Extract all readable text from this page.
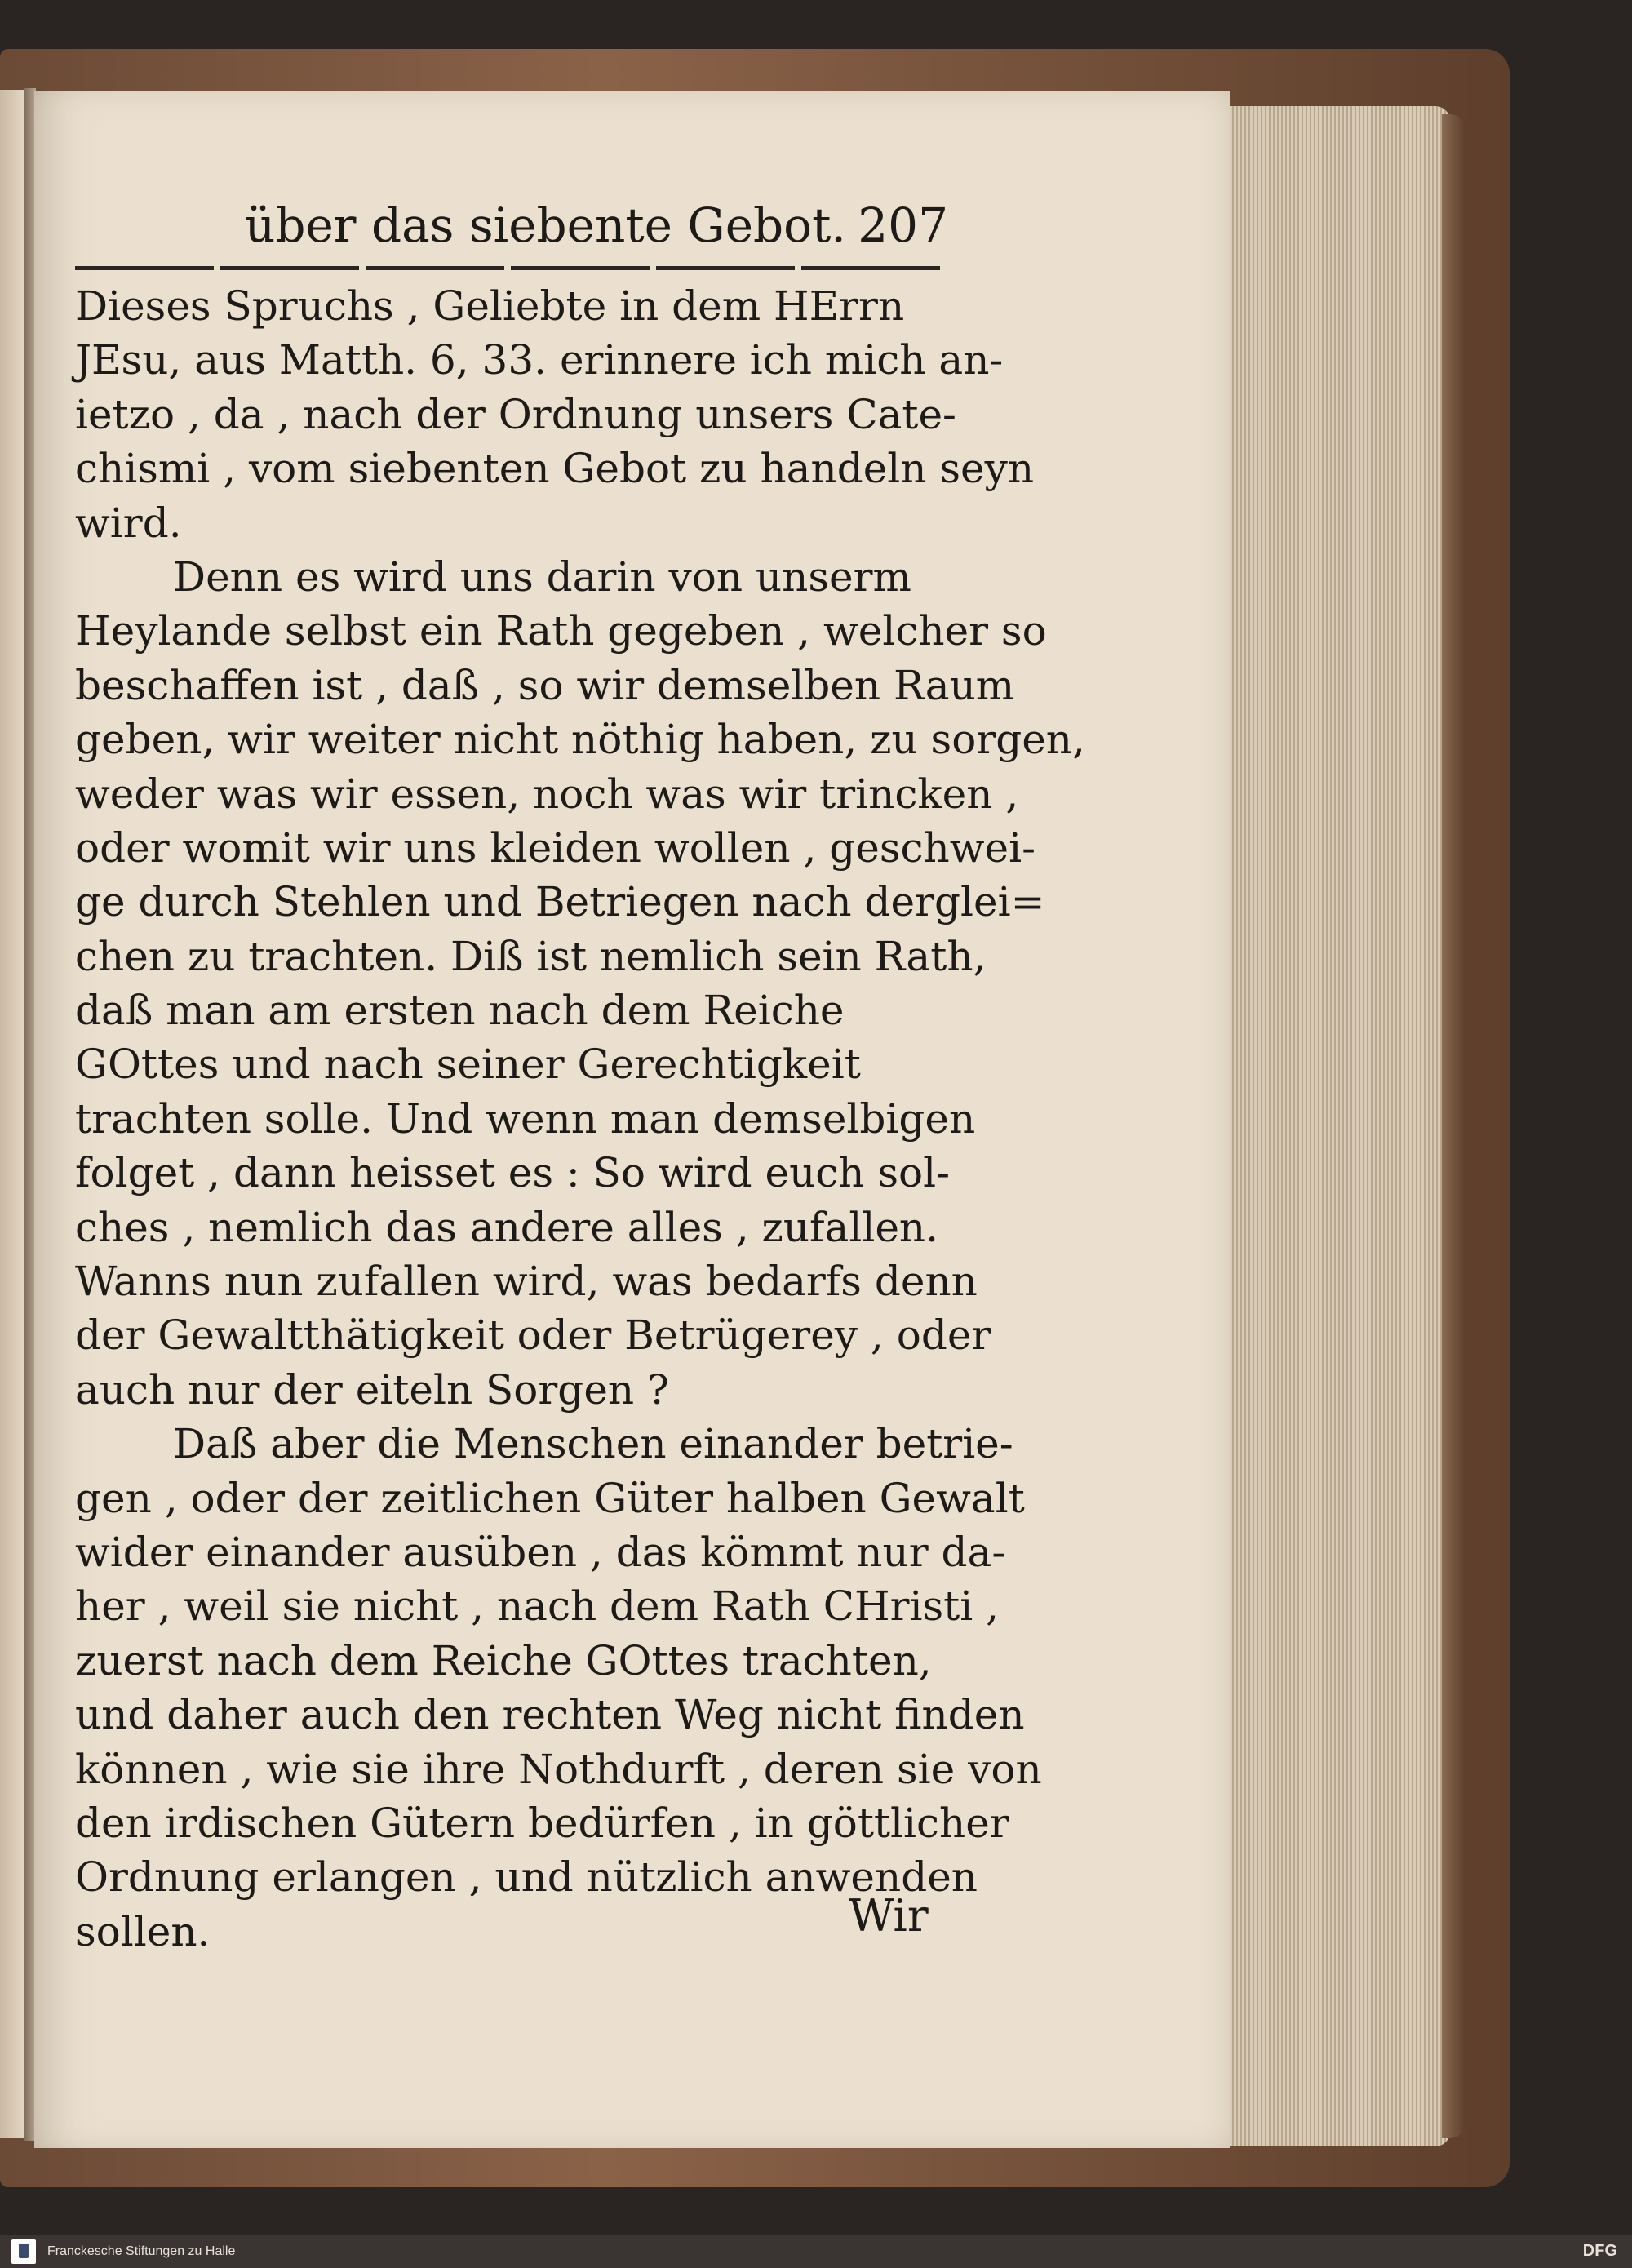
über das siebente Gebot. 207
Dieses Spruchs , Geliebte in dem HErrn
JEsu, aus Matth. 6, 33. erinnere ich mich an-
ietzo , da , nach der Ordnung unsers Cate-
chismi , vom siebenten Gebot zu handeln seyn
wird.
Denn es wird uns darin von unserm
Heylande selbst ein Rath gegeben , welcher so
beschaffen ist , daß , so wir demselben Raum
geben, wir weiter nicht nöthig haben, zu sorgen,
weder was wir essen, noch was wir trincken ,
oder womit wir uns kleiden wollen , geschwei-
ge durch Stehlen und Betriegen nach derglei=
chen zu trachten. Diß ist nemlich sein Rath,
daß man am ersten nach dem Reiche
GOttes und nach seiner Gerechtigkeit
trachten solle. Und wenn man demselbigen
folget , dann heisset es : So wird euch sol-
ches , nemlich das andere alles , zufallen.
Wanns nun zufallen wird, was bedarfs denn
der Gewaltthätigkeit oder Betrügerey , oder
auch nur der eiteln Sorgen ?
Daß aber die Menschen einander betrie-
gen , oder der zeitlichen Güter halben Gewalt
wider einander ausüben , das kömmt nur da-
her , weil sie nicht , nach dem Rath CHristi ,
zuerst nach dem Reiche GOttes trachten,
und daher auch den rechten Weg nicht finden
können , wie sie ihre Nothdurft , deren sie von
den irdischen Gütern bedürfen , in göttlicher
Ordnung erlangen , und nützlich anwenden
sollen.	Wir
Franckesche Stiftungen zu Halle	DFG
